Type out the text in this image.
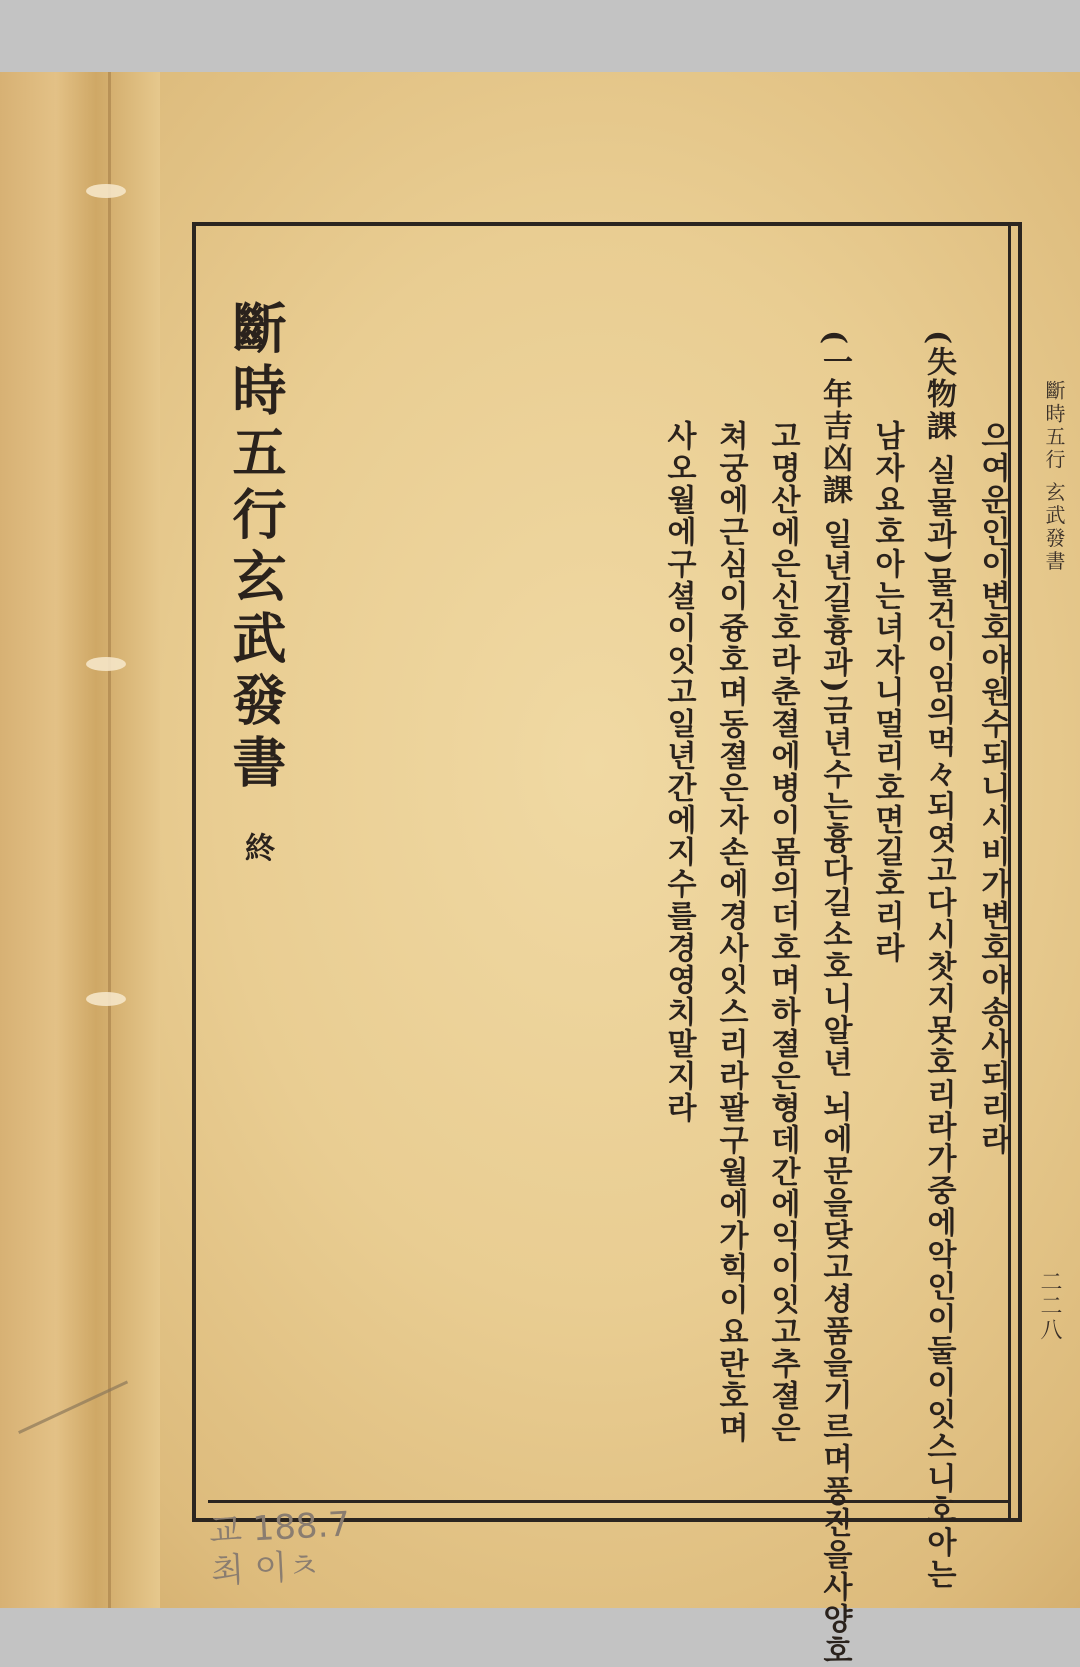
斷時五行 玄武發書
二二八
으여운인이변호야원수되니시비가변호야송사되리라
(失物課 실물과)물건이임의먹々되엿고다시찻지못호리라가중에악인이둘이잇스니호아는
남자요호아는녀자니멀리호면길호리라
(一年吉凶課 일년길흉과)금년수는흉다길소호니알년 뇌에문을닺고셩품을기르며풍진을사양호
고명산에은신호라춘졀에병이몸의더호며하졀은형데간에익이잇고추졀은
쳐궁에근심이즁호며동졀은자손에경사잇스리라팔구월에가힉이요란호며
사오월에구셜이잇고일년간에지수를경영치말지라
斷時五行玄武發書
終
교 188.7
최 이ㅊ
